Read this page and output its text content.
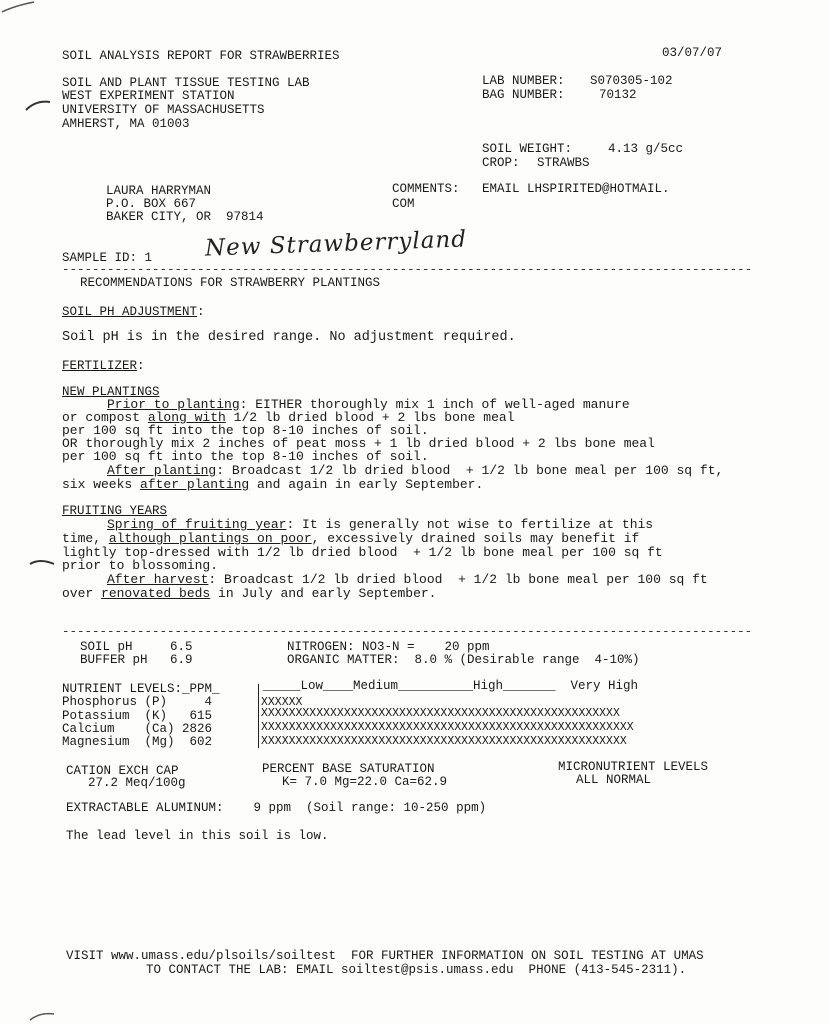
SOIL ANALYSIS REPORT FOR STRAWBERRIES	03/07/07
SOIL AND PLANT TISSUE TESTING LAB
WEST EXPERIMENT STATION
UNIVERSITY OF MASSACHUSETTS
AMHERST, MA 01003
LAB NUMBER: S070305-102
BAG NUMBER:	70132
SOIL WEIGHT:	4.13 g/5cc
CROP: STRAWBS
LAURA HARRYMAN
P.O. BOX 667
BAKER CITY, OR  97814
COMMENTS: EMAIL LHSPIRITED@HOTMAIL.
COM
SAMPLE ID: 1 New Strawberryland
--------------------------------------------------------------------------------------------
RECOMMENDATIONS FOR STRAWBERRY PLANTINGS
SOIL PH ADJUSTMENT:
Soil pH is in the desired range. No adjustment required.
FERTILIZER:
NEW PLANTINGS
Prior to planting: EITHER thoroughly mix 1 inch of well-aged manure
or compost along with 1/2 lb dried blood + 2 lbs bone meal
per 100 sq ft into the top 8-10 inches of soil.
OR thoroughly mix 2 inches of peat moss + 1 lb dried blood + 2 lbs bone meal
per 100 sq ft into the top 8-10 inches of soil.
After planting: Broadcast 1/2 lb dried blood  + 1/2 lb bone meal per 100 sq ft,
six weeks after planting and again in early September.
FRUITING YEARS
Spring of fruiting year: It is generally not wise to fertilize at this
time, although plantings on poor, excessively drained soils may benefit if
lightly top-dressed with 1/2 lb dried blood  + 1/2 lb bone meal per 100 sq ft
prior to blossoming.
After harvest: Broadcast 1/2 lb dried blood  + 1/2 lb bone meal per 100 sq ft
over renovated beds in July and early September.
--------------------------------------------------------------------------------------------
SOIL pH     6.5
BUFFER pH   6.9
NITROGEN: NO3-N =    20 ppm
ORGANIC MATTER:  8.0 % (Desirable range  4-10%)
NUTRIENT LEVELS:_PPM_	_____Low____Medium__________High_______  Very High
Phosphorus (P)     4	XXXXXX
Potassium  (K)   615	XXXXXXXXXXXXXXXXXXXXXXXXXXXXXXXXXXXXXXXXXXXXXXXXXXXX
Calcium    (Ca) 2826	XXXXXXXXXXXXXXXXXXXXXXXXXXXXXXXXXXXXXXXXXXXXXXXXXXXXXX
Magnesium  (Mg)  602	XXXXXXXXXXXXXXXXXXXXXXXXXXXXXXXXXXXXXXXXXXXXXXXXXXXXX
CATION EXCH CAP
27.2 Meq/100g
PERCENT BASE SATURATION
K= 7.0 Mg=22.0 Ca=62.9
MICRONUTRIENT LEVELS
ALL NORMAL
EXTRACTABLE ALUMINUM:    9 ppm  (Soil range: 10-250 ppm)
The lead level in this soil is low.
VISIT www.umass.edu/plsoils/soiltest  FOR FURTHER INFORMATION ON SOIL TESTING AT UMAS
TO CONTACT THE LAB: EMAIL soiltest@psis.umass.edu  PHONE (413-545-2311).
